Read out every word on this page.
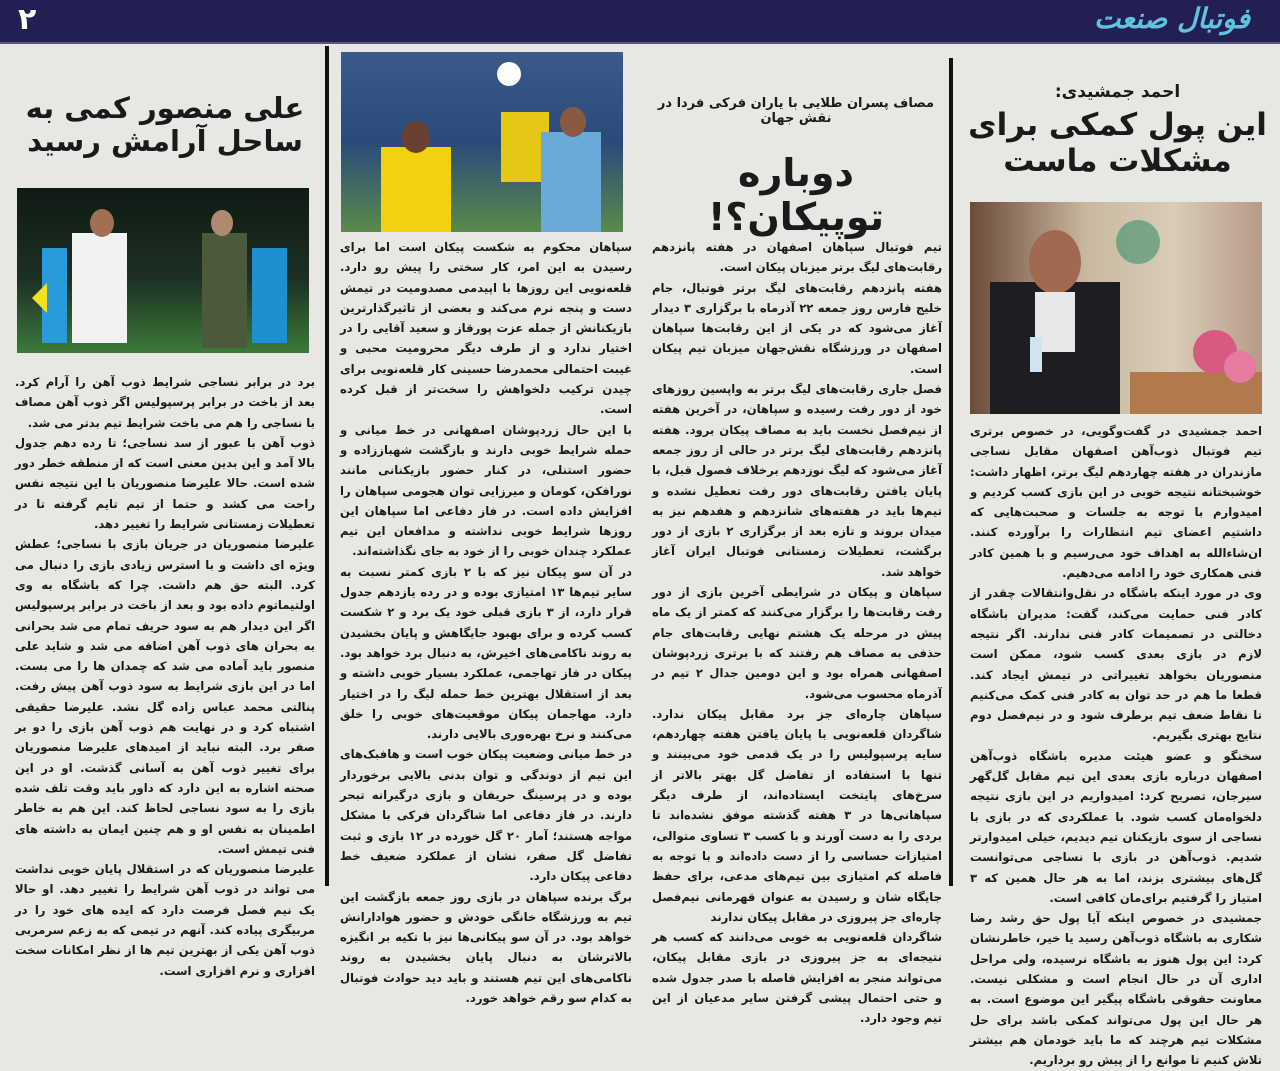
۲	فوتبال صنعت
احمد جمشیدی:
این پول کمکی برای
مشکلات ماست

احمد جمشیدی در گفت‌وگویی، در خصوص برتری تیم فوتبال ذوب‌آهن اصفهان مقابل نساجی مازندران در هفته چهاردهم لیگ برتر، اظهار داشت: خوشبختانه نتیجه خوبی در این بازی کسب کردیم و امیدوارم با توجه به جلسات و صحبت‌هایی که داشتیم اعضای تیم انتظارات را برآورده کنند. ان‌شاءالله به اهداف خود می‌رسیم و با همین کادر فنی همکاری خود را ادامه می‌دهیم.

وی در مورد اینکه باشگاه در نقل‌وانتقالات چقدر از کادر فنی حمایت می‌کند، گفت: مدیران باشگاه دخالتی در تصمیمات کادر فنی ندارند. اگر نتیجه لازم در بازی بعدی کسب شود، ممکن است منصوریان بخواهد تغییراتی در تیمش ایجاد کند. قطعا ما هم در حد توان به کادر فنی کمک می‌کنیم تا نقاط ضعف تیم برطرف شود و در نیم‌فصل دوم نتایج بهتری بگیریم.

سخنگو و عضو هیئت مدیره باشگاه ذوب‌آهن اصفهان درباره بازی بعدی این تیم مقابل گل‌گهر سیرجان، تصریح کرد: امیدواریم در این بازی نتیجه دلخواه‌مان کسب شود. با عملکردی که در بازی با نساجی از سوی بازیکنان تیم دیدیم، خیلی امیدوارتر شدیم. ذوب‌آهن در بازی با نساجی می‌توانست گل‌های بیشتری بزند، اما به هر حال همین که ۳ امتیاز را گرفتیم برای‌مان کافی است.

جمشیدی در خصوص اینکه آیا پول حق رشد رضا شکاری به باشگاه ذوب‌آهن رسید یا خیر، خاطرنشان کرد: این پول هنوز به باشگاه نرسیده، ولی مراحل اداری آن در حال انجام است و مشکلی نیست. معاونت حقوقی باشگاه پیگیر این موضوع است. به هر حال این پول می‌تواند کمکی باشد برای حل مشکلات تیم هرچند که ما باید خودمان هم بیشتر تلاش کنیم تا موانع را از پیش رو برداریم.

مصاف پسران طلایی با یاران فرکی فردا در نقش جهان
دوباره توپیکان؟!

تیم فوتبال سپاهان اصفهان در هفته پانزدهم رقابت‌های لیگ برتر میزبان پیکان است.

هفته پانزدهم رقابت‌های لیگ برتر فوتبال، جام خلیج فارس روز جمعه ۲۲ آذرماه با برگزاری ۳ دیدار آغاز می‌شود که در یکی از این رقابت‌ها سپاهان اصفهان در ورزشگاه نقش‌جهان میزبان تیم پیکان است.

فصل جاری رقابت‌های لیگ برتر به واپسین روزهای خود از دور رفت رسیده و سپاهان، در آخرین هفته از نیم‌فصل نخست باید به مصاف پیکان برود. هفته پانزدهم رقابت‌های لیگ برتر در حالی از روز جمعه آغاز می‌شود که لیگ نوزدهم برخلاف فصول قبل، با پایان یافتن رقابت‌های دور رفت تعطیل نشده و تیم‌ها باید در هفته‌های شانزدهم و هفدهم نیز به میدان بروند و تازه بعد از برگزاری ۲ بازی از دور برگشت، تعطیلات زمستانی فوتبال ایران آغاز خواهد شد.

سپاهان و پیکان در شرایطی آخرین بازی از دور رفت رقابت‌ها را برگزار می‌کنند که کمتر از یک ماه پیش در مرحله یک هشتم نهایی رقابت‌های جام حذفی به مصاف هم رفتند که با برتری زردپوشان اصفهانی همراه بود و این دومین جدال ۲ تیم در آذرماه محسوب می‌شود.

سپاهان چاره‌ای جز برد مقابل پیکان ندارد. شاگردان قلعه‌نویی با پایان یافتن هفته چهاردهم، سایه پرسپولیس را در یک قدمی خود می‌بینند و تنها با استفاده از تفاضل گل بهتر بالاتر از سرخ‌های پایتخت ایستاده‌اند، از طرف دیگر سپاهانی‌ها در ۳ هفته گذشته موفق نشده‌اند تا بردی را به دست آورند و با کسب ۳ تساوی متوالی، امتیازات حساسی را از دست داده‌اند و با توجه به فاصله کم امتیازی بین تیم‌های مدعی، برای حفظ جایگاه شان و رسیدن به عنوان قهرمانی نیم‌فصل چاره‌ای جز پیروزی در مقابل پیکان ندارند

شاگردان قلعه‌نویی به خوبی می‌دانند که کسب هر نتیجه‌ای به جز پیروزی در بازی مقابل پیکان، می‌تواند منجر به افزایش فاصله با صدر جدول شده و حتی احتمال پیشی گرفتن سایر مدعیان از این تیم وجود دارد.

سپاهان محکوم به شکست پیکان است اما برای رسیدن به این امر، کار سختی را پیش رو دارد. قلعه‌نویی این روزها با اپیدمی مصدومیت در تیمش دست و پنجه نرم می‌کند و بعضی از تاثیرگذارترین بازیکنانش از جمله عزت پورقاز و سعید آقایی را در اختیار ندارد و از طرف دیگر محرومیت محبی و غیبت احتمالی محمدرضا حسینی کار قلعه‌نویی برای چیدن ترکیب دلخواهش را سخت‌تر از قبل کرده است.

با این حال زردپوشان اصفهانی در خط میانی و حمله شرایط خوبی دارند و بازگشت شهباززاده و حضور استنلی، در کنار حضور بازیکنانی مانند نورافکن، کومان و میرزایی توان هجومی سپاهان را افزایش داده است. در فاز دفاعی اما سپاهان این روزها شرایط خوبی نداشته و مدافعان این تیم عملکرد چندان خوبی را از خود به جای نگذاشته‌اند.

در آن سو پیکان نیز که با ۲ بازی کمتر نسبت به سایر تیم‌ها ۱۳ امتیازی بوده و در رده یازدهم جدول قرار دارد، از ۳ بازی قبلی خود یک برد و ۲ شکست کسب کرده و برای بهبود جایگاهش و پایان بخشیدن به روند ناکامی‌های اخیرش، به دنبال برد خواهد بود. پیکان در فاز تهاجمی، عملکرد بسیار خوبی داشته و بعد از استقلال بهترین خط حمله لیگ را در اختیار دارد. مهاجمان پیکان موقعیت‌های خوبی را خلق می‌کنند و نرخ بهره‌وری بالایی دارند.

در خط میانی وضعیت پیکان خوب است و هافبک‌های این تیم از دوندگی و توان بدنی بالایی برخوردار بوده و در پرسینگ حریفان و بازی درگیرانه تبحر دارند. در فاز دفاعی اما شاگردان فرکی با مشکل مواجه هستند؛ آمار ۲۰ گل خورده در ۱۲ بازی و ثبت تفاضل گل صفر، نشان از عملکرد ضعیف خط دفاعی پیکان دارد.

برگ برنده سپاهان در بازی روز جمعه بازگشت این تیم به ورزشگاه خانگی خودش و حضور هوادارانش خواهد بود. در آن سو پیکانی‌ها نیز با تکیه بر انگیزه بالاترشان به دنبال پایان بخشیدن به روند ناکامی‌های این تیم هستند و باید دید حوادث فوتبال به کدام سو رقم خواهد خورد.

علی منصور کمی به
ساحل آرامش رسید

برد در برابر نساجی شرایط ذوب آهن را آرام کرد. بعد از باخت در برابر پرسپولیس اگر ذوب آهن مصاف با نساجی را هم می باخت شرایط تیم بدتر می شد.

ذوب آهن با عبور از سد نساجی؛ تا رده دهم جدول بالا آمد و این بدین معنی است که از منطقه خطر دور شده است. حالا علیرضا منصوریان با این نتیجه نفس راحت می کشد و حتما از تیم تایم گرفته تا در تعطیلات زمستانی شرایط را تغییر دهد.

علیرضا منصوریان در جریان بازی با نساجی؛ عطش ویژه ای داشت و با استرس زیادی بازی را دنبال می کرد. البته حق هم داشت. چرا که باشگاه به وی اولتیماتوم داده بود و بعد از باخت در برابر پرسپولیس اگر این دیدار هم به سود حریف تمام می شد بحرانی به بحران های ذوب آهن اضافه می شد و شاید علی منصور باید آماده می شد که چمدان ها را می بست. اما در این بازی شرایط به سود ذوب آهن پیش رفت. پنالتی محمد عباس زاده گل نشد. علیرضا حقیقی اشتباه کرد و در نهایت هم ذوب آهن بازی را دو بر صفر برد. البته نباید از امیدهای علیرضا منصوریان برای تغییر ذوب آهن به آسانی گذشت. او در این صحنه اشاره به این دارد که داور باید وقت تلف شده بازی را به سود نساجی لحاظ کند. این هم به خاطر اطمینان به نفس او و هم چنین ایمان به داشته های فنی تیمش است.

علیرضا منصوریان که در استقلال پایان خوبی نداشت می تواند در ذوب آهن شرایط را تغییر دهد. او حالا یک نیم فصل فرصت دارد که ایده های خود را در مربیگری پیاده کند. آنهم در تیمی که به زعم سرمربی ذوب آهن یکی از بهترین تیم ها از نظر امکانات سخت افزاری و نرم افزاری است.
